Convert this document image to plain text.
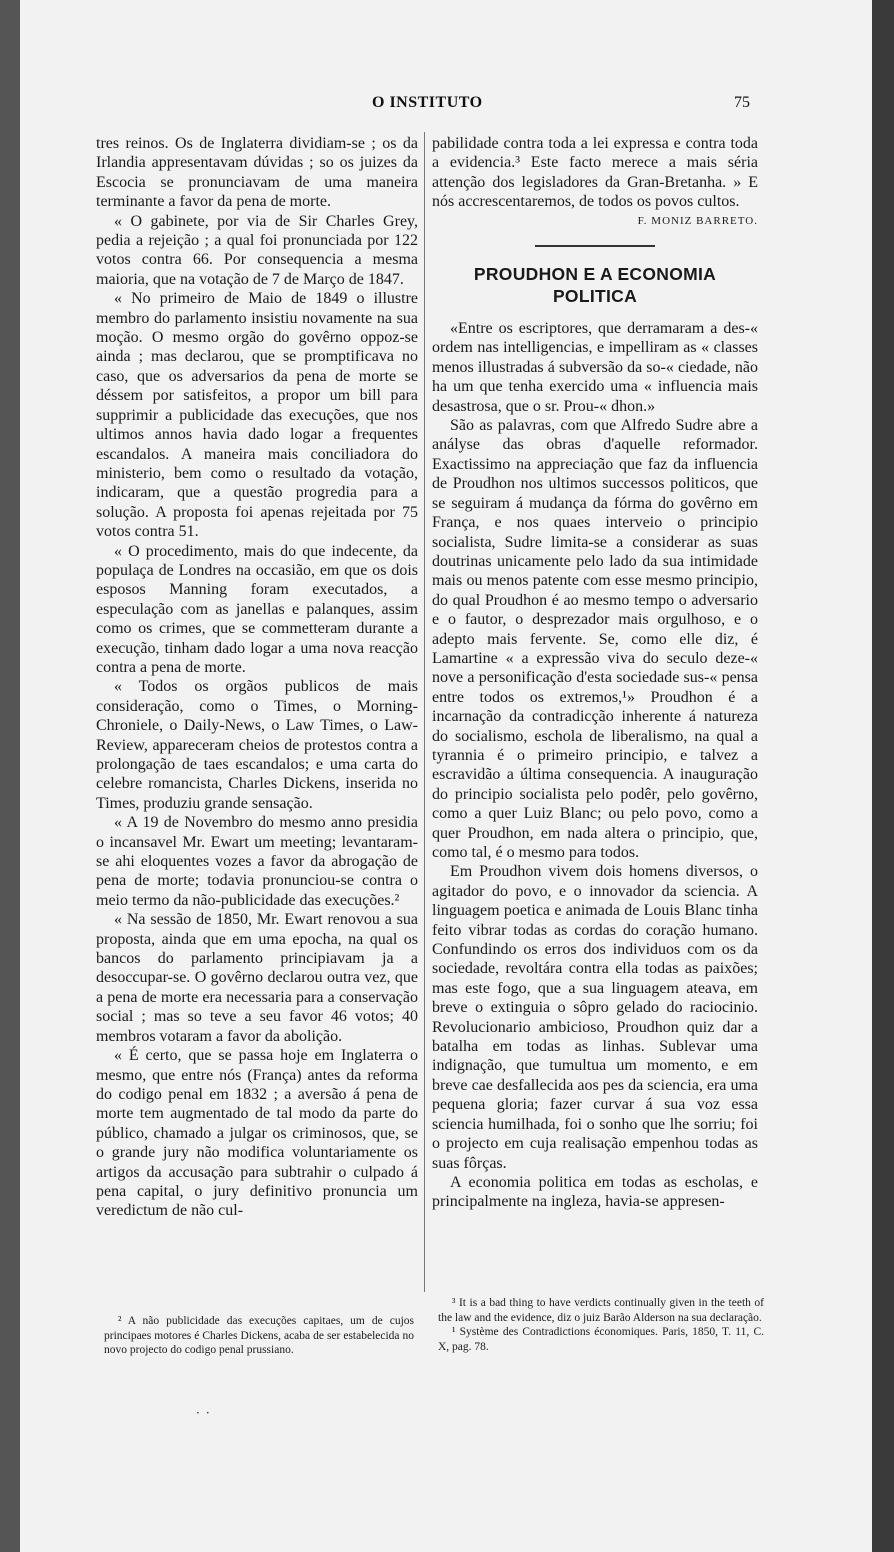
O INSTITUTO	75

tres reinos. Os de Inglaterra dividiam-se ; os da Irlandia appresentavam dúvidas ; so os juizes da Escocia se pronunciavam de uma maneira terminante a favor da pena de morte.

« O gabinete, por via de Sir Charles Grey, pedia a rejeição ; a qual foi pronunciada por 122 votos contra 66. Por consequencia a mesma maioria, que na votação de 7 de Março de 1847.

« No primeiro de Maio de 1849 o illustre membro do parlamento insistiu novamente na sua moção. O mesmo orgão do govêrno oppoz-se ainda ; mas declarou, que se promptificava no caso, que os adversarios da pena de morte se déssem por satisfeitos, a propor um bill para supprimir a publicidade das execuções, que nos ultimos annos havia dado logar a frequentes escandalos. A maneira mais conciliadora do ministerio, bem como o resultado da votação, indicaram, que a questão progredia para a solução. A proposta foi apenas rejeitada por 75 votos contra 51.

« O procedimento, mais do que indecente, da populaça de Londres na occasião, em que os dois esposos Manning foram executados, a especulação com as janellas e palanques, assim como os crimes, que se commetteram durante a execução, tinham dado logar a uma nova reacção contra a pena de morte.

« Todos os orgãos publicos de mais consideração, como o Times, o Morning-Chroniele, o Daily-News, o Law Times, o Law-Review, appareceram cheios de protestos contra a prolongação de taes escandalos; e uma carta do celebre romancista, Charles Dickens, inserida no Times, produziu grande sensação.

« A 19 de Novembro do mesmo anno presidia o incansavel Mr. Ewart um meeting; levantaram-se ahi eloquentes vozes a favor da abrogação de pena de morte; todavia pronunciou-se contra o meio termo da não-publicidade das execuções.²

« Na sessão de 1850, Mr. Ewart renovou a sua proposta, ainda que em uma epocha, na qual os bancos do parlamento principiavam ja a desoccupar-se. O govêrno declarou outra vez, que a pena de morte era necessaria para a conservação social ; mas so teve a seu favor 46 votos; 40 membros votaram a favor da abolição.

« É certo, que se passa hoje em Inglaterra o mesmo, que entre nós (França) antes da reforma do codigo penal em 1832 ; a aversão á pena de morte tem augmentado de tal modo da parte do público, chamado a julgar os criminosos, que, se o grande jury não modifica voluntariamente os artigos da accusação para subtrahir o culpado á pena capital, o jury definitivo pronuncia um veredictum de não cul-

pabilidade contra toda a lei expressa e contra toda a evidencia.³ Este facto merece a mais séria attenção dos legisladores da Gran-Bretanha. » E nós accrescentaremos, de todos os povos cultos.
F. MONIZ BARRETO.

PROUDHON E A ECONOMIA POLITICA

«Entre os escriptores, que derramaram a des-« ordem nas intelligencias, e impelliram as « classes menos illustradas á subversão da so-« ciedade, não ha um que tenha exercido uma « influencia mais desastrosa, que o sr. Prou-« dhon.»

São as palavras, com que Alfredo Sudre abre a anályse das obras d'aquelle reformador. Exactissimo na appreciação que faz da influencia de Proudhon nos ultimos successos politicos, que se seguiram á mudança da fórma do govêrno em França, e nos quaes interveio o principio socialista, Sudre limita-se a considerar as suas doutrinas unicamente pelo lado da sua intimidade mais ou menos patente com esse mesmo principio, do qual Proudhon é ao mesmo tempo o adversario e o fautor, o desprezador mais orgulhoso, e o adepto mais fervente. Se, como elle diz, é Lamartine « a expressão viva do seculo deze-« nove a personificação d'esta sociedade sus-« pensa entre todos os extremos,¹» Proudhon é a incarnação da contradicção inherente á natureza do socialismo, eschola de liberalismo, na qual a tyrannia é o primeiro principio, e talvez a escravidão a última consequencia. A inauguração do principio socialista pelo podêr, pelo govêrno, como a quer Luiz Blanc; ou pelo povo, como a quer Proudhon, em nada altera o principio, que, como tal, é o mesmo para todos.

Em Proudhon vivem dois homens diversos, o agitador do povo, e o innovador da sciencia. A linguagem poetica e animada de Louis Blanc tinha feito vibrar todas as cordas do coração humano. Confundindo os erros dos individuos com os da sociedade, revoltára contra ella todas as paixões; mas este fogo, que a sua linguagem ateava, em breve o extinguia o sôpro gelado do raciocinio. Revolucionario ambicioso, Proudhon quiz dar a batalha em todas as linhas. Sublevar uma indignação, que tumultua um momento, e em breve cae desfallecida aos pes da sciencia, era uma pequena gloria; fazer curvar á sua voz essa sciencia humilhada, foi o sonho que lhe sorriu; foi o projecto em cuja realisação empenhou todas as suas fôrças.

A economia politica em todas as escholas, e principalmente na ingleza, havia-se appresen-

² A não publicidade das execuções capitaes, um de cujos principaes motores é Charles Dickens, acaba de ser estabelecida no novo projecto do codigo penal prussiano.

³ It is a bad thing to have verdicts continually given in the teeth of the law and the evidence, diz o juiz Barão Alderson na sua declaração.

¹ Système des Contradictions économiques. Paris, 1850, T. 11, C. X, pag. 78.

··
